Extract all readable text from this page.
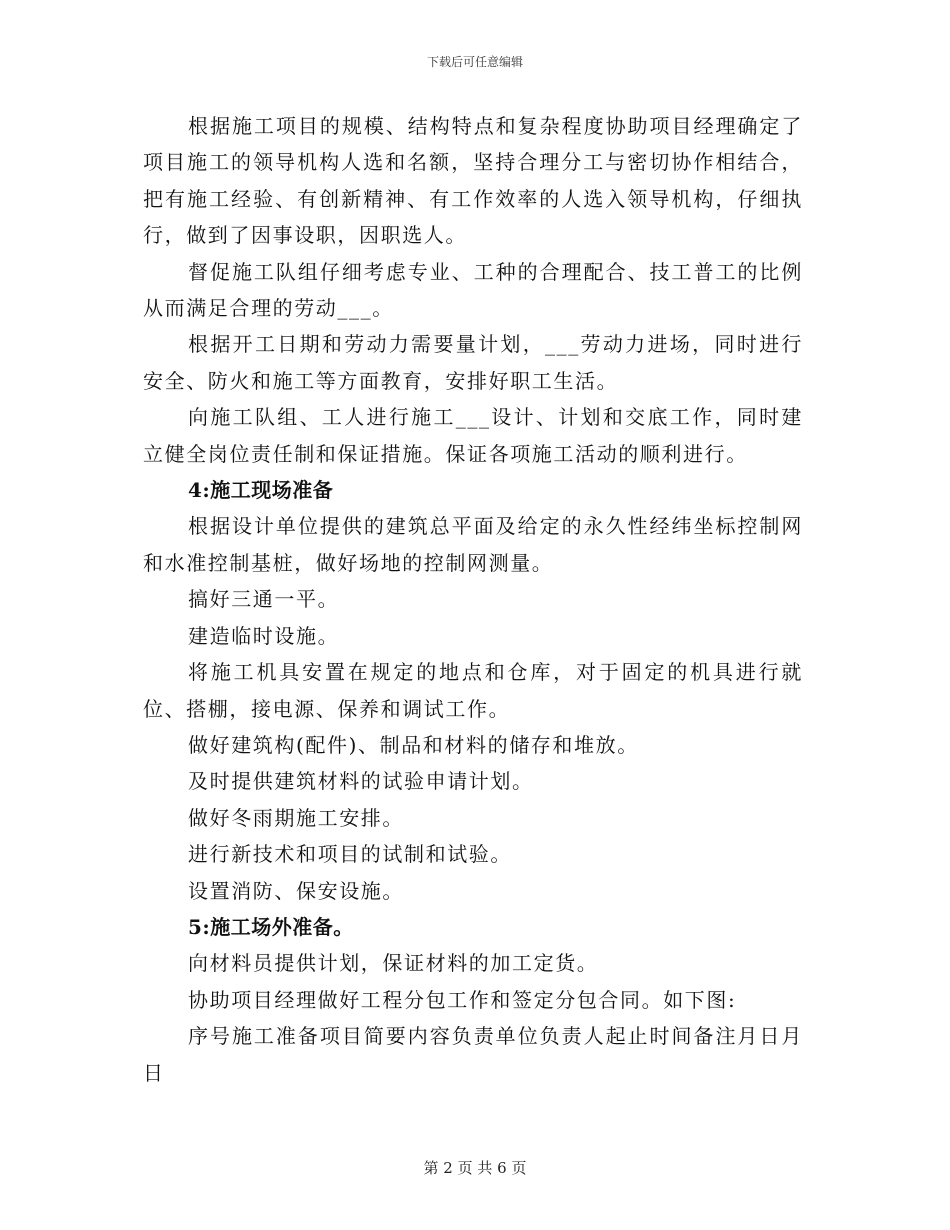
下载后可任意编辑

根据施工项目的规模、结构特点和复杂程度协助项目经理确定了项目施工的领导机构人选和名额，坚持合理分工与密切协作相结合，把有施工经验、有创新精神、有工作效率的人选入领导机构，仔细执行，做到了因事设职，因职选人。

督促施工队组仔细考虑专业、工种的合理配合、技工普工的比例从而满足合理的劳动___。

根据开工日期和劳动力需要量计划，___劳动力进场，同时进行安全、防火和施工等方面教育，安排好职工生活。

向施工队组、工人进行施工___设计、计划和交底工作，同时建立健全岗位责任制和保证措施。保证各项施工活动的顺利进行。

4:施工现场准备

根据设计单位提供的建筑总平面及给定的永久性经纬坐标控制网和水准控制基桩，做好场地的控制网测量。

搞好三通一平。

建造临时设施。

将施工机具安置在规定的地点和仓库，对于固定的机具进行就位、搭棚，接电源、保养和调试工作。

做好建筑构(配件)、制品和材料的储存和堆放。

及时提供建筑材料的试验申请计划。

做好冬雨期施工安排。

进行新技术和项目的试制和试验。

设置消防、保安设施。

5:施工场外准备。

向材料员提供计划，保证材料的加工定货。

协助项目经理做好工程分包工作和签定分包合同。如下图:

序号施工准备项目简要内容负责单位负责人起止时间备注月日月日

第 2 页 共 6 页
